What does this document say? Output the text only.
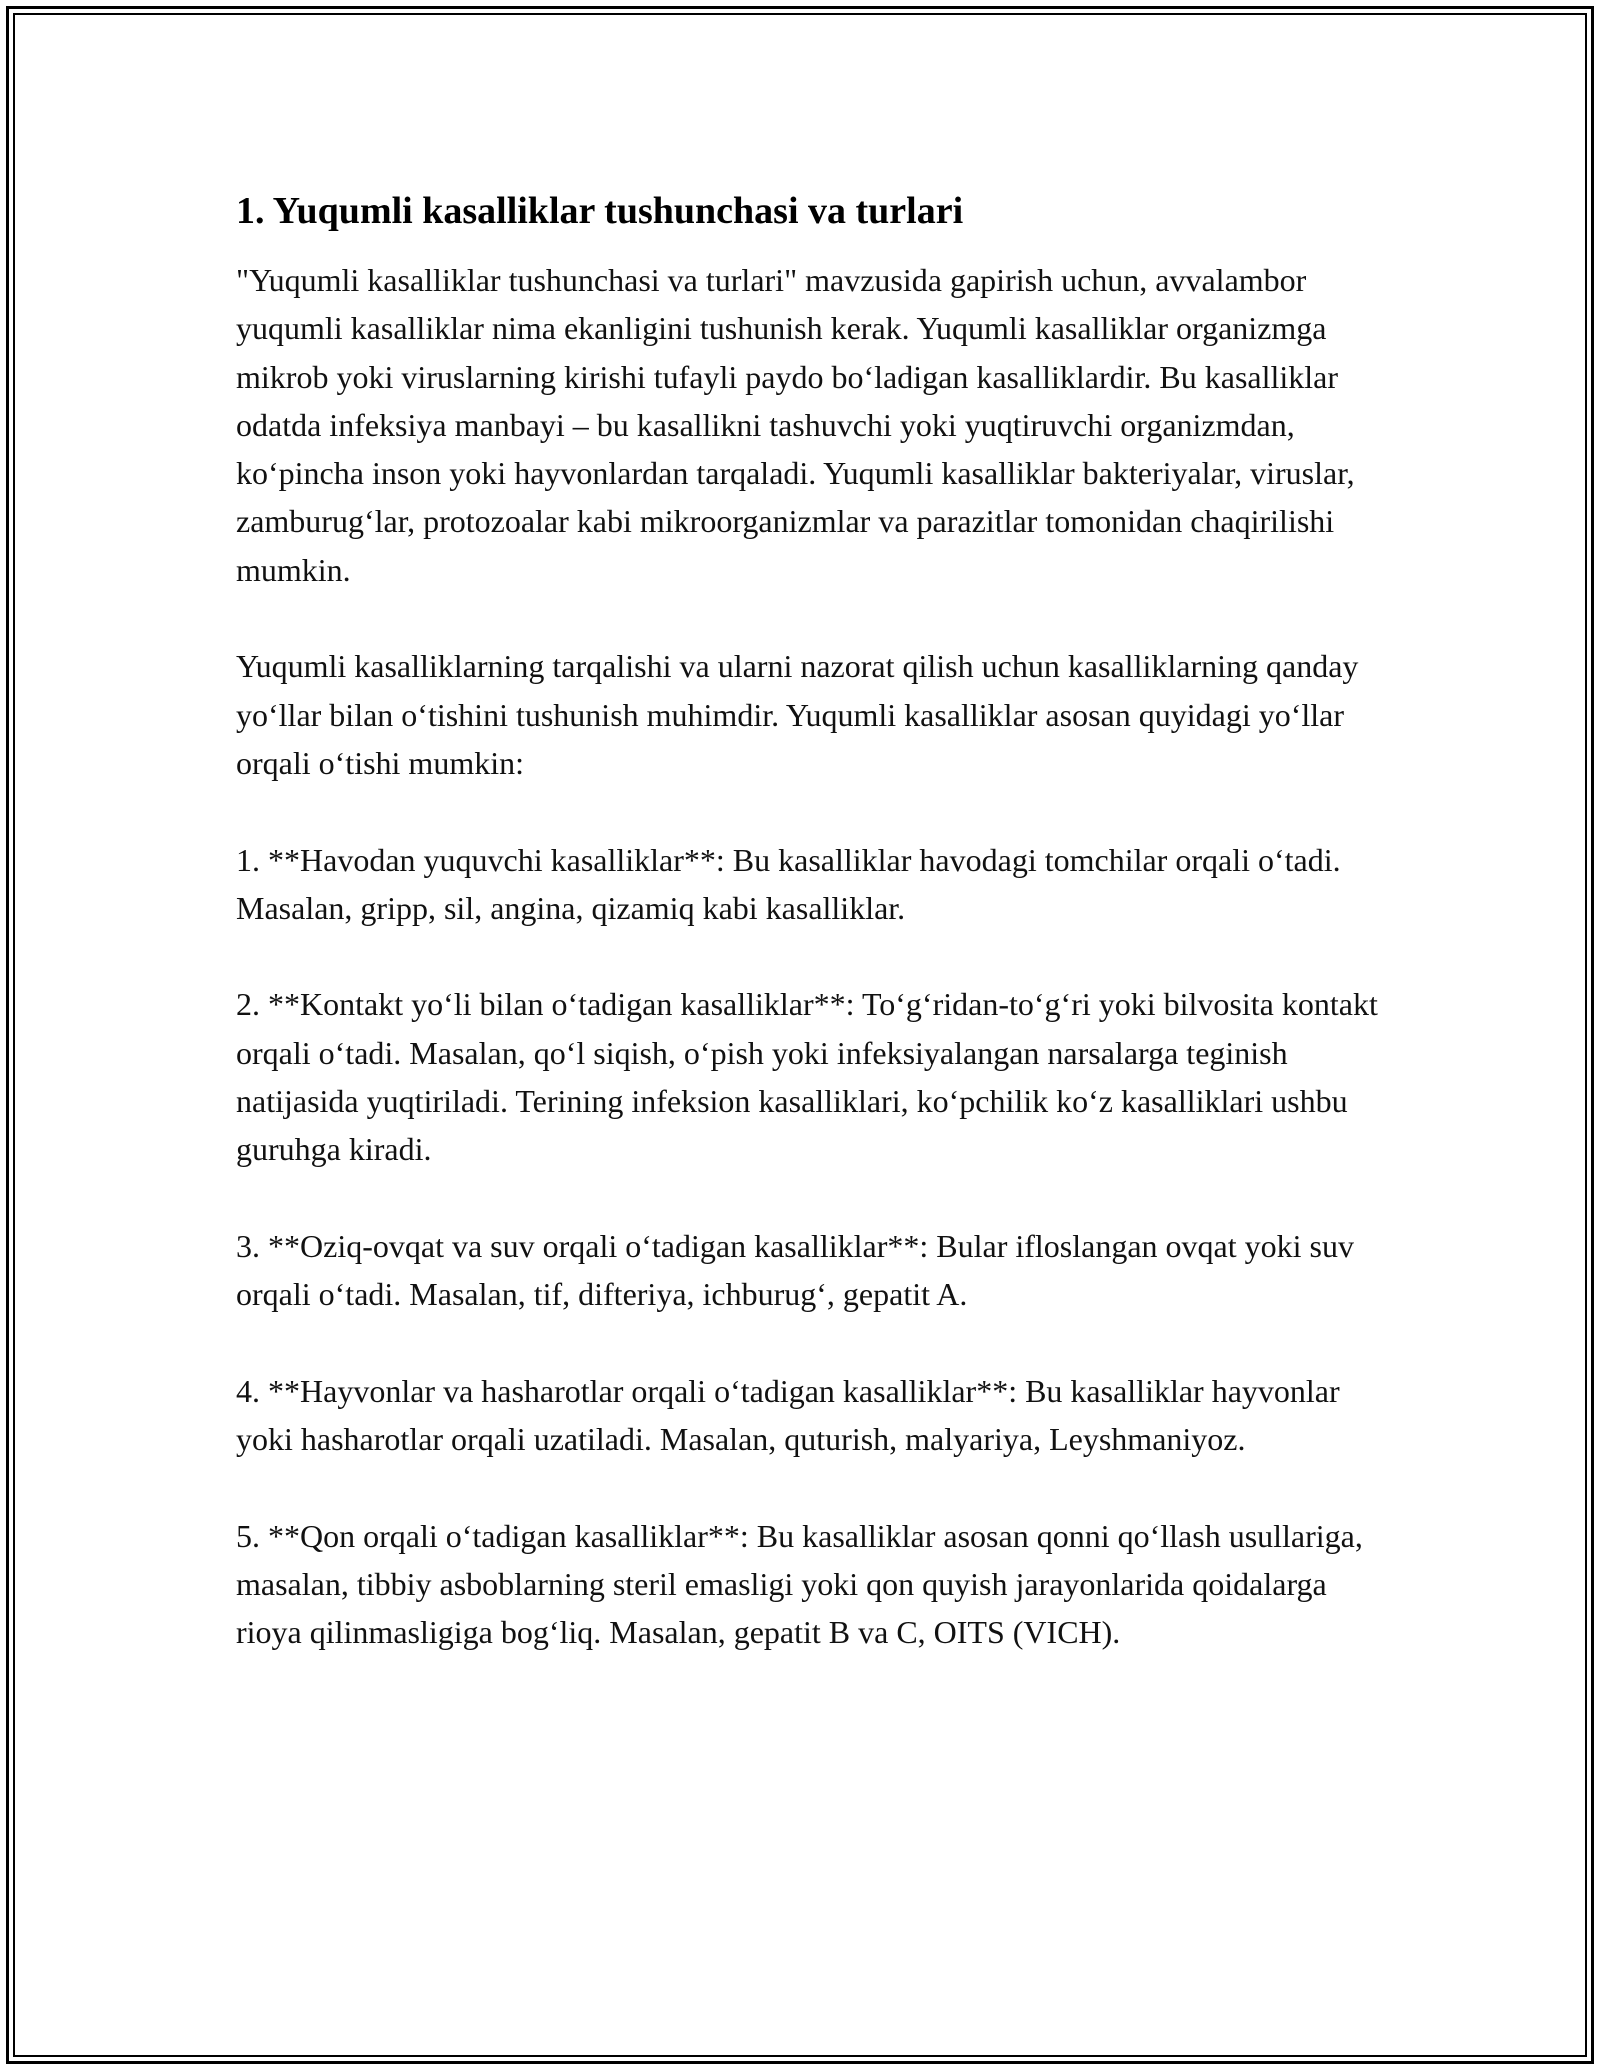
1. Yuqumli kasalliklar tushunchasi va turlari

"Yuqumli kasalliklar tushunchasi va turlari" mavzusida gapirish uchun, avvalambor yuqumli kasalliklar nima ekanligini tushunish kerak. Yuqumli kasalliklar organizmga mikrob yoki viruslarning kirishi tufayli paydo bo‘ladigan kasalliklardir. Bu kasalliklar odatda infeksiya manbayi – bu kasallikni tashuvchi yoki yuqtiruvchi organizmdan, ko‘pincha inson yoki hayvonlardan tarqaladi. Yuqumli kasalliklar bakteriyalar, viruslar, zamburug‘lar, protozoalar kabi mikroorganizmlar va parazitlar tomonidan chaqirilishi mumkin.

Yuqumli kasalliklarning tarqalishi va ularni nazorat qilish uchun kasalliklarning qanday yo‘llar bilan o‘tishini tushunish muhimdir. Yuqumli kasalliklar asosan quyidagi yo‘llar orqali o‘tishi mumkin:

1. **Havodan yuquvchi kasalliklar**: Bu kasalliklar havodagi tomchilar orqali o‘tadi. Masalan, gripp, sil, angina, qizamiq kabi kasalliklar.

2. **Kontakt yo‘li bilan o‘tadigan kasalliklar**: To‘g‘ridan-to‘g‘ri yoki bilvosita kontakt orqali o‘tadi. Masalan, qo‘l siqish, o‘pish yoki infeksiyalangan narsalarga teginish natijasida yuqtiriladi. Terining infeksion kasalliklari, ko‘pchilik ko‘z kasalliklari ushbu guruhga kiradi.

3. **Oziq-ovqat va suv orqali o‘tadigan kasalliklar**: Bular ifloslangan ovqat yoki suv orqali o‘tadi. Masalan, tif, difteriya, ichburug‘, gepatit A.

4. **Hayvonlar va hasharotlar orqali o‘tadigan kasalliklar**: Bu kasalliklar hayvonlar yoki hasharotlar orqali uzatiladi. Masalan, quturish, malyariya, Leyshmaniyoz.

5. **Qon orqali o‘tadigan kasalliklar**: Bu kasalliklar asosan qonni qo‘llash usullariga, masalan, tibbiy asboblarning steril emasligi yoki qon quyish jarayonlarida qoidalarga rioya qilinmasligiga bog‘liq. Masalan, gepatit B va C, OITS (VICH).
